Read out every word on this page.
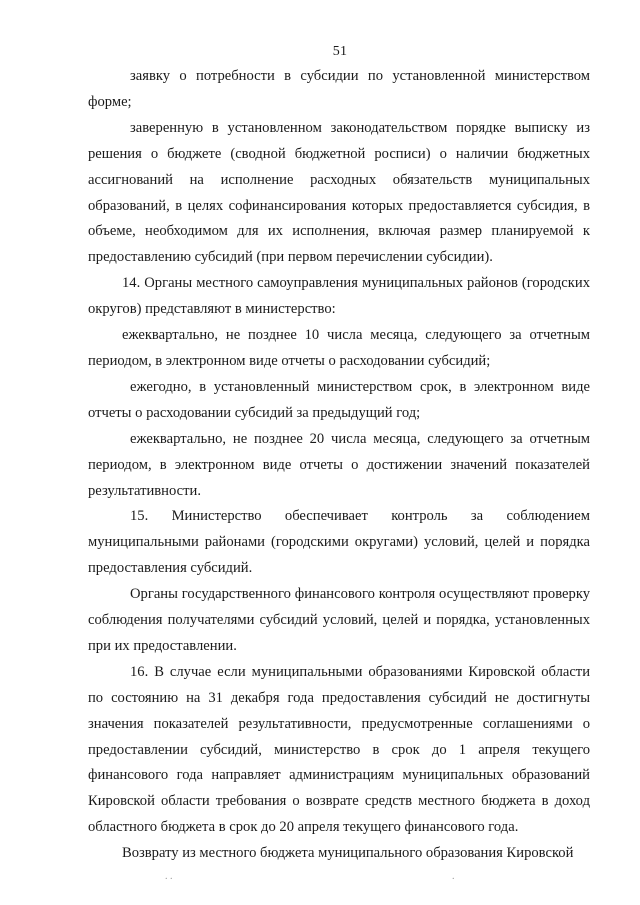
51

заявку о потребности в субсидии по установленной министерством форме;

заверенную в установленном законодательством порядке выписку из решения о бюджете (сводной бюджетной росписи) о наличии бюджетных ассигнований на исполнение расходных обязательств муниципальных образований, в целях софинансирования которых предоставляется субсидия, в объеме, необходимом для их исполнения, включая размер планируемой к предоставлению субсидий (при первом перечислении субсидии).

14. Органы местного самоуправления муниципальных районов (городских округов) представляют в министерство:

ежеквартально, не позднее 10 числа месяца, следующего за отчетным периодом, в электронном виде отчеты о расходовании субсидий;

ежегодно, в установленный министерством срок, в электронном виде отчеты о расходовании субсидий за предыдущий год;

ежеквартально, не позднее 20 числа месяца, следующего за отчетным периодом, в электронном виде отчеты о достижении значений показателей результативности.

15. Министерство обеспечивает контроль за соблюдением муниципальными районами (городскими округами) условий, целей и порядка предоставления субсидий.

Органы государственного финансового контроля осуществляют проверку соблюдения получателями субсидий условий, целей и порядка, установленных при их предоставлении.

16. В случае если муниципальными образованиями Кировской области по состоянию на 31 декабря года предоставления субсидий не достигнуты значения показателей результативности, предусмотренные соглашениями о предоставлении субсидий, министерство в срок до 1 апреля текущего финансового года направляет администрациям муниципальных образований Кировской области требования о возврате средств местного бюджета в доход областного бюджета в срок до 20 апреля текущего финансового года.

Возврату из местного бюджета муниципального образования Кировской

. .	.
